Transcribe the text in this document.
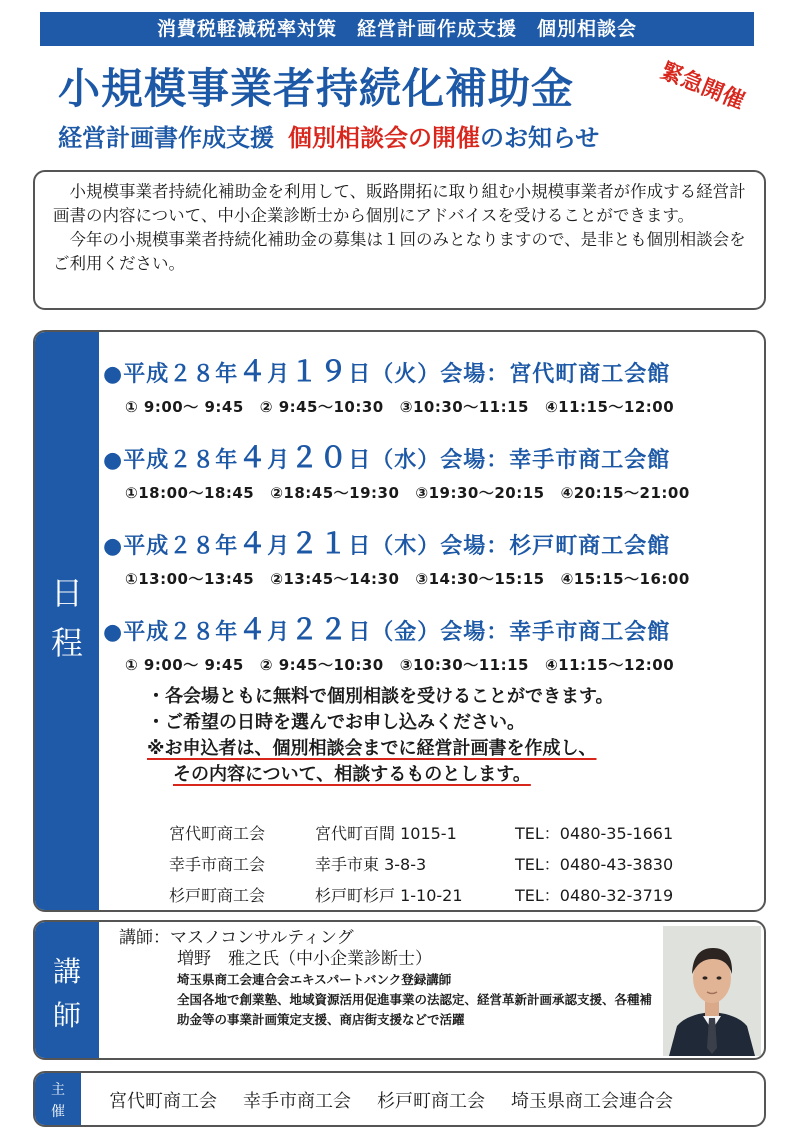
消費税軽減税率対策　経営計画作成支援　個別相談会
小規模事業者持続化補助金	緊急開催
経営計画書作成支援 個別相談会の開催のお知らせ

小規模事業者持続化補助金を利用して、販路開拓に取り組む小規模事業者が作成する経営計画書の内容について、中小企業診断士から個別にアドバイスを受けることができます。

今年の小規模事業者持続化補助金の募集は１回のみとなりますので、是非とも個別相談会をご利用ください。

日
程
●平成２８年４月１９日（火）会場：宮代町商工会館
① 9:00～ 9:45 ② 9:45～10:30 ③10:30～11:15 ④11:15～12:00
●平成２８年４月２０日（水）会場：幸手市商工会館
①18:00～18:45 ②18:45～19:30 ③19:30～20:15 ④20:15～21:00
●平成２８年４月２１日（木）会場：杉戸町商工会館
①13:00～13:45 ②13:45～14:30 ③14:30～15:15 ④15:15～16:00
●平成２８年４月２２日（金）会場：幸手市商工会館
① 9:00～ 9:45 ② 9:45～10:30 ③10:30～11:15 ④11:15～12:00
・各会場ともに無料で個別相談を受けることができます。
・ご希望の日時を選んでお申し込みください。
※お申込者は、個別相談会までに経営計画書を作成し、
その内容について、相談するものとします。
宮代町商工会	宮代町百間 1015-1	TEL：0480-35-1661
幸手市商工会	幸手市東 3-8-3	TEL：0480-43-3830
杉戸町商工会	杉戸町杉戸 1-10-21	TEL：0480-32-3719
講
師
講師：マスノコンサルティング
増野　雅之氏（中小企業診断士）
埼玉県商工会連合会エキスパートバンク登録講師
全国各地で創業塾、地域資源活用促進事業の法認定、経営革新計画承認支援、各種補助金等の事業計画策定支援、商店街支援などで活躍
主
催	宮代町商工会 幸手市商工会 杉戸町商工会 埼玉県商工会連合会
